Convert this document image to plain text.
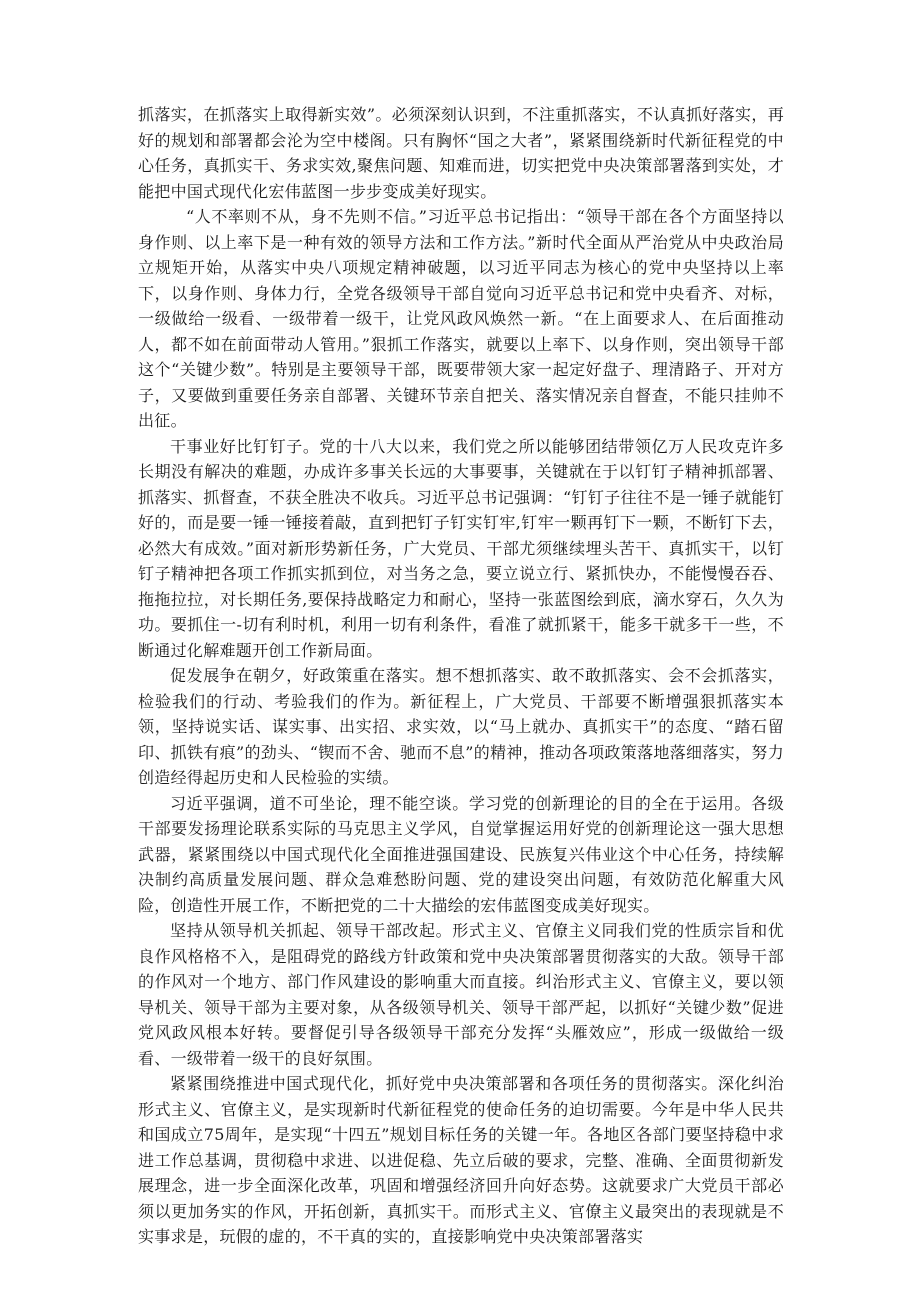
抓落实，在抓落实上取得新实效”。必须深刻认识到，不注重抓落实，不认真抓好落实，再好的规划和部署都会沦为空中楼阁。只有胸怀“国之大者”，紧紧围绕新时代新征程党的中心任务，真抓实干、务求实效,聚焦问题、知难而进，切实把党中央决策部署落到实处，才能把中国式现代化宏伟蓝图一步步变成美好现实。

“人不率则不从，身不先则不信。”习近平总书记指出：“领导干部在各个方面坚持以身作则、以上率下是一种有效的领导方法和工作方法。”新时代全面从严治党从中央政治局立规矩开始，从落实中央八项规定精神破题，以习近平同志为核心的党中央坚持以上率下，以身作则、身体力行，全党各级领导干部自觉向习近平总书记和党中央看齐、对标，一级做给一级看、一级带着一级干，让党风政风焕然一新。“在上面要求人、在后面推动人，都不如在前面带动人管用。”狠抓工作落实，就要以上率下、以身作则，突出领导干部这个“关键少数”。特别是主要领导干部，既要带领大家一起定好盘子、理清路子、开对方子，又要做到重要任务亲自部署、关键环节亲自把关、落实情况亲自督查，不能只挂帅不出征。

干事业好比钉钉子。党的十八大以来，我们党之所以能够团结带领亿万人民攻克许多长期没有解决的难题，办成许多事关长远的大事要事，关键就在于以钉钉子精神抓部署、抓落实、抓督查，不获全胜决不收兵。习近平总书记强调：“钉钉子往往不是一锤子就能钉好的，而是要一锤一锤接着敲，直到把钉子钉实钉牢,钉牢一颗再钉下一颗，不断钉下去，必然大有成效。”面对新形势新任务，广大党员、干部尤须继续埋头苦干、真抓实干，以钉钉子精神把各项工作抓实抓到位，对当务之急，要立说立行、紧抓快办，不能慢慢吞吞、拖拖拉拉，对长期任务,要保持战略定力和耐心，坚持一张蓝图绘到底，滴水穿石，久久为功。要抓住一-切有利时机，利用一切有利条件，看准了就抓紧干，能多干就多干一些，不断通过化解难题开创工作新局面。

促发展争在朝夕，好政策重在落实。想不想抓落实、敢不敢抓落实、会不会抓落实，检验我们的行动、考验我们的作为。新征程上，广大党员、干部要不断增强狠抓落实本领，坚持说实话、谋实事、出实招、求实效，以“马上就办、真抓实干”的态度、“踏石留印、抓铁有痕”的劲头、“锲而不舍、驰而不息”的精神，推动各项政策落地落细落实，努力创造经得起历史和人民检验的实绩。

习近平强调，道不可坐论，理不能空谈。学习党的创新理论的目的全在于运用。各级干部要发扬理论联系实际的马克思主义学风，自觉掌握运用好党的创新理论这一强大思想武器，紧紧围绕以中国式现代化全面推进强国建设、民族复兴伟业这个中心任务，持续解决制约高质量发展问题、群众急难愁盼问题、党的建设突出问题，有效防范化解重大风险，创造性开展工作，不断把党的二十大描绘的宏伟蓝图变成美好现实。

坚持从领导机关抓起、领导干部改起。形式主义、官僚主义同我们党的性质宗旨和优良作风格格不入，是阻碍党的路线方针政策和党中央决策部署贯彻落实的大敌。领导干部的作风对一个地方、部门作风建设的影响重大而直接。纠治形式主义、官僚主义，要以领导机关、领导干部为主要对象，从各级领导机关、领导干部严起，以抓好“关键少数”促进党风政风根本好转。要督促引导各级领导干部充分发挥“头雁效应”，形成一级做给一级看、一级带着一级干的良好氛围。

紧紧围绕推进中国式现代化，抓好党中央决策部署和各项任务的贯彻落实。深化纠治形式主义、官僚主义，是实现新时代新征程党的使命任务的迫切需要。今年是中华人民共和国成立75周年，是实现“十四五”规划目标任务的关键一年。各地区各部门要坚持稳中求进工作总基调，贯彻稳中求进、以进促稳、先立后破的要求，完整、准确、全面贯彻新发展理念，进一步全面深化改革，巩固和增强经济回升向好态势。这就要求广大党员干部必须以更加务实的作风，开拓创新，真抓实干。而形式主义、官僚主义最突出的表现就是不实事求是，玩假的虚的，不干真的实的，直接影响党中央决策部署落实
